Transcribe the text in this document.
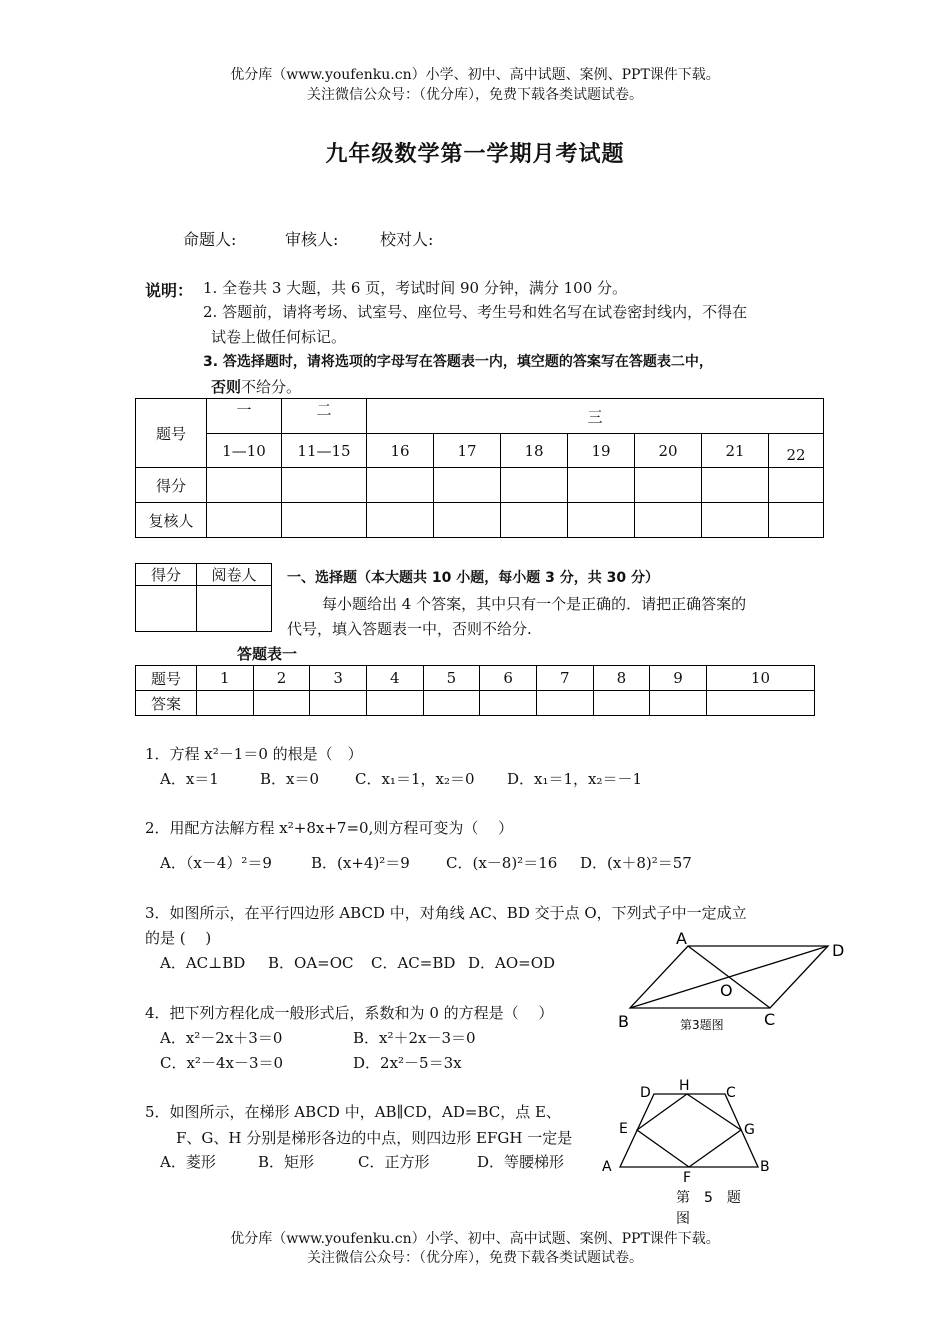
优分库（www.youfenku.cn）小学、初中、高中试题、案例、PPT课件下载。
关注微信公众号：（优分库），免费下载各类试题试卷。
九年级数学第一学期月考试题
命题人:	审核人:	校对人:
说明： 1. 全卷共 3 大题，共 6 页，考试时间 90 分钟，满分 100 分。
2. 答题前，请将考场、试室号、座位号、考生号和姓名写在试卷密封线内，不得在
试卷上做任何标记。
3. 答选择题时，请将选项的字母写在答题表一内，填空题的答案写在答题表二中，
否则不给分。
题号	一	二	三						
	1—10	11—15	16	17	18	19	20	21	22
得分									
复核人									
得分	阅卷人
	一、选择题（本大题共 10 小题，每小题 3 分，共 30 分）
每小题给出 4 个答案，其中只有一个是正确的．请把正确答案的
代号，填入答题表一中，否则不给分.
答题表一
题号	1	2	3	4	5	6	7	8	9	10
答案										
1．方程 x²－1＝0 的根是（　）
A．x＝1	B．x＝0 C．x₁＝1，x₂＝0 D．x₁＝1，x₂＝－1
2．用配方法解方程 x²+8x+7=0,则方程可变为（　 ）
A．（x－4）²＝9	B．(x+4)²＝9 C．(x－8)²＝16 D．(x＋8)²＝57
3．如图所示，在平行四边形 ABCD 中，对角线 AC、BD 交于点 O，下列式子中一定成立
的是 (　 )
A．AC⊥BD B．OA=OC C．AC=BD D．AO=OD
A
D
O
B	C
第3题图
4．把下列方程化成一般形式后，系数和为 0 的方程是（　 ）
A．x²－2x＋3＝0	B．x²＋2x－3＝0
C．x²－4x－3＝0	D．2x²－5＝3x
5．如图所示，在梯形 ABCD 中，AB∥CD，AD=BC，点 E、
F、G、H 分别是梯形各边的中点，则四边形 EFGH 一定是
A．菱形	B．矩形	C．正方形	D．等腰梯形
D H	C
E	G
A
F
B
第　5　题
图
优分库（www.youfenku.cn）小学、初中、高中试题、案例、PPT课件下载。
关注微信公众号：（优分库），免费下载各类试题试卷。
